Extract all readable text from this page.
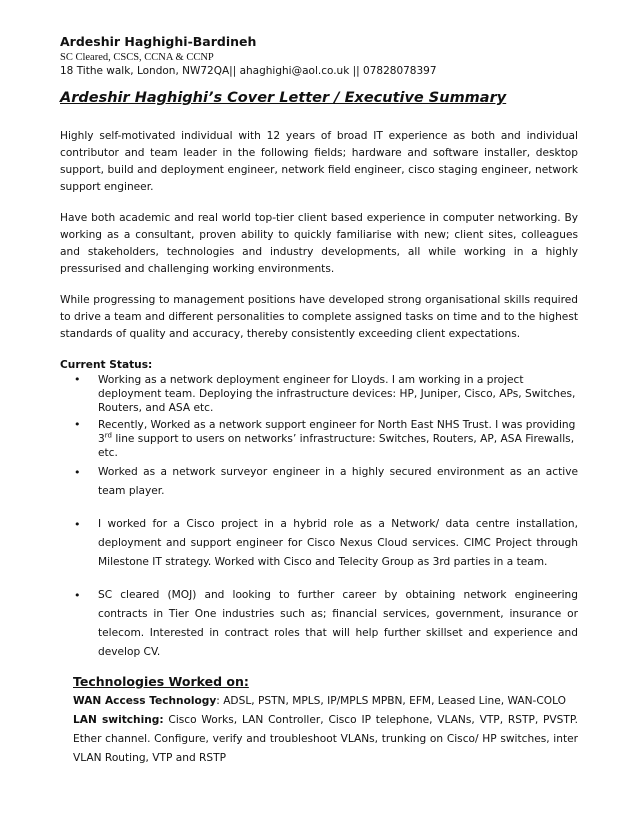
Ardeshir Haghighi-Bardineh
SC Cleared, CSCS, CCNA & CCNP
18 Tithe walk, London, NW72QA|| ahaghighi@aol.co.uk || 07828078397
Ardeshir Haghighi’s Cover Letter / Executive Summary

Highly self-motivated individual with 12 years of broad IT experience as both and individual contributor and team leader in the following fields; hardware and software installer, desktop support, build and deployment engineer, network field engineer, cisco staging engineer, network support engineer.

Have both academic and real world top-tier client based experience in computer networking. By working as a consultant, proven ability to quickly familiarise with new; client sites, colleagues and stakeholders, technologies and industry developments, all while working in a highly pressurised and challenging working environments.

While progressing to management positions have developed strong organisational skills required to drive a team and different personalities to complete assigned tasks on time and to the highest standards of quality and accuracy, thereby consistently exceeding client expectations.

Current Status:

• Working as a network deployment engineer for Lloyds. I am working in a project deployment team. Deploying the infrastructure devices: HP, Juniper, Cisco, APs, Switches, Routers, and ASA etc.
• Recently, Worked as a network support engineer for North East NHS Trust. I was providing 3rd line support to users on networks’ infrastructure: Switches, Routers, AP, ASA Firewalls, etc.
• Worked as a network surveyor engineer in a highly secured environment as an active team player.
• I worked for a Cisco project in a hybrid role as a Network/ data centre installation, deployment and support engineer for Cisco Nexus Cloud services. CIMC Project through Milestone IT strategy. Worked with Cisco and Telecity Group as 3rd parties in a team.
• SC cleared (MOJ) and looking to further career by obtaining network engineering contracts in Tier One industries such as; financial services, government, insurance or telecom. Interested in contract roles that will help further skillset and experience and develop CV.

Technologies Worked on:

WAN Access Technology: ADSL, PSTN, MPLS, IP/MPLS MPBN, EFM, Leased Line, WAN-COLO

LAN switching: Cisco Works, LAN Controller, Cisco IP telephone, VLANs, VTP, RSTP, PVSTP. Ether channel. Configure, verify and troubleshoot VLANs, trunking on Cisco/ HP switches, inter VLAN Routing, VTP and RSTP
